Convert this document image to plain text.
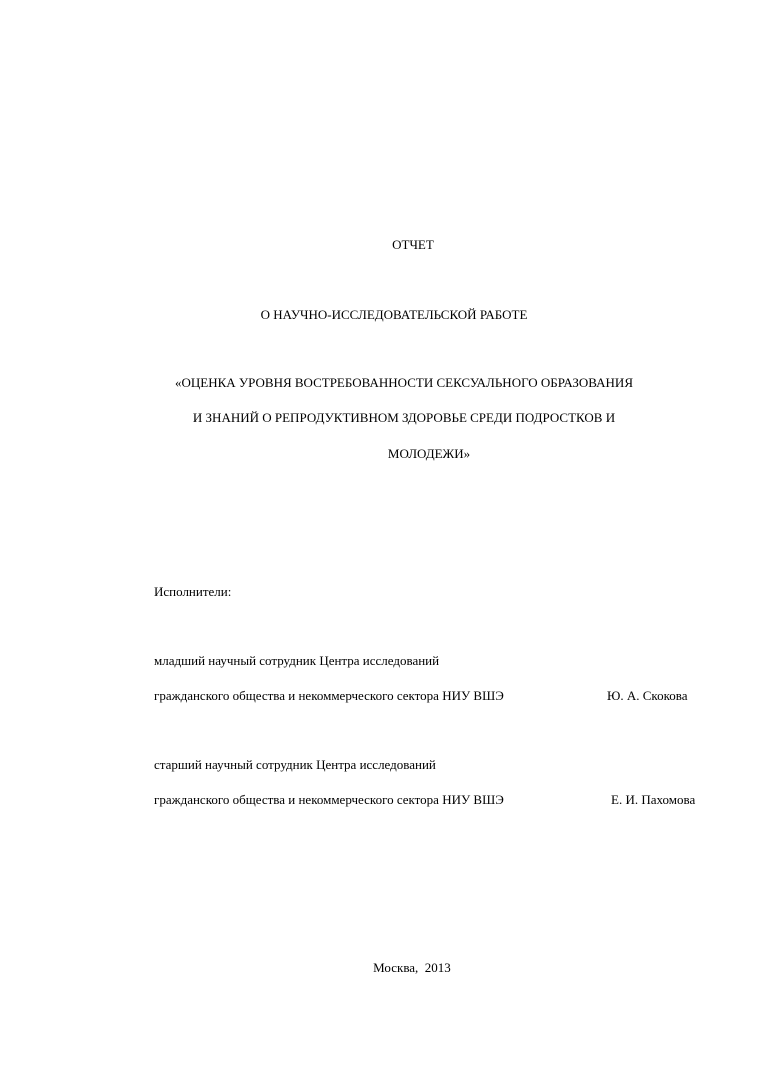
ОТЧЕТ
О НАУЧНО-ИССЛЕДОВАТЕЛЬСКОЙ РАБОТЕ
«ОЦЕНКА УРОВНЯ ВОСТРЕБОВАННОСТИ СЕКСУАЛЬНОГО ОБРАЗОВАНИЯ
И ЗНАНИЙ О РЕПРОДУКТИВНОМ ЗДОРОВЬЕ СРЕДИ ПОДРОСТКОВ И
МОЛОДЕЖИ»
Исполнители:
младший научный сотрудник Центра исследований
гражданского общества и некоммерческого сектора НИУ ВШЭ	Ю. А. Скокова
старший научный сотрудник Центра исследований
гражданского общества и некоммерческого сектора НИУ ВШЭ	Е. И. Пахомова
Москва,  2013
